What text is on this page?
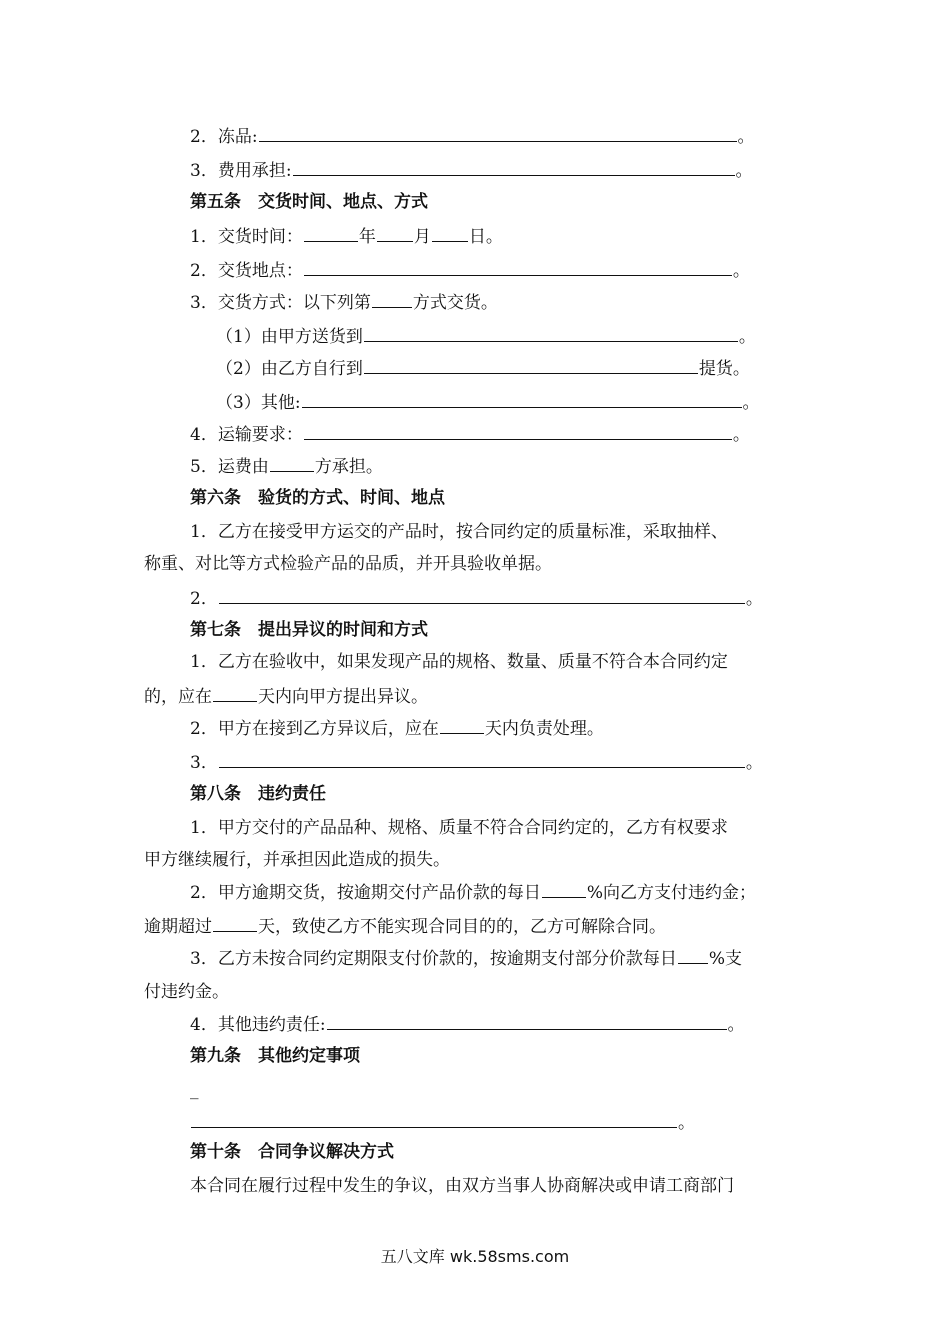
2．冻品:	。
3．费用承担:	。
第五条　交货时间、地点、方式
1．交货时间：	年 月 日。
2．交货地点：	。
3．交货方式：以下列第 方式交货。
（1）由甲方送货到	。
（2）由乙方自行到	提货。
（3）其他:	。
4．运输要求：	。
5．运费由	方承担。
第六条　验货的方式、时间、地点
1．乙方在接受甲方运交的产品时，按合同约定的质量标准，采取抽样、
称重、对比等方式检验产品的品质，并开具验收单据。
2．	。
第七条　提出异议的时间和方式
1．乙方在验收中，如果发现产品的规格、数量、质量不符合本合同约定
的，应在	天内向甲方提出异议。
2．甲方在接到乙方异议后，应在	天内负责处理。
3．	。
第八条　违约责任
1．甲方交付的产品品种、规格、质量不符合合同约定的，乙方有权要求
甲方继续履行，并承担因此造成的损失。
2．甲方逾期交货，按逾期交付产品价款的每日	%向乙方支付违约金；
逾期超过	天，致使乙方不能实现合同目的的，乙方可解除合同。
3．乙方未按合同约定期限支付价款的，按逾期支付部分价款每日 %支
付违约金。
4．其他违约责任:	。
第九条　其他约定事项
_
。
第十条　合同争议解决方式
本合同在履行过程中发生的争议，由双方当事人协商解决或申请工商部门
五八文库 wk.58sms.com
